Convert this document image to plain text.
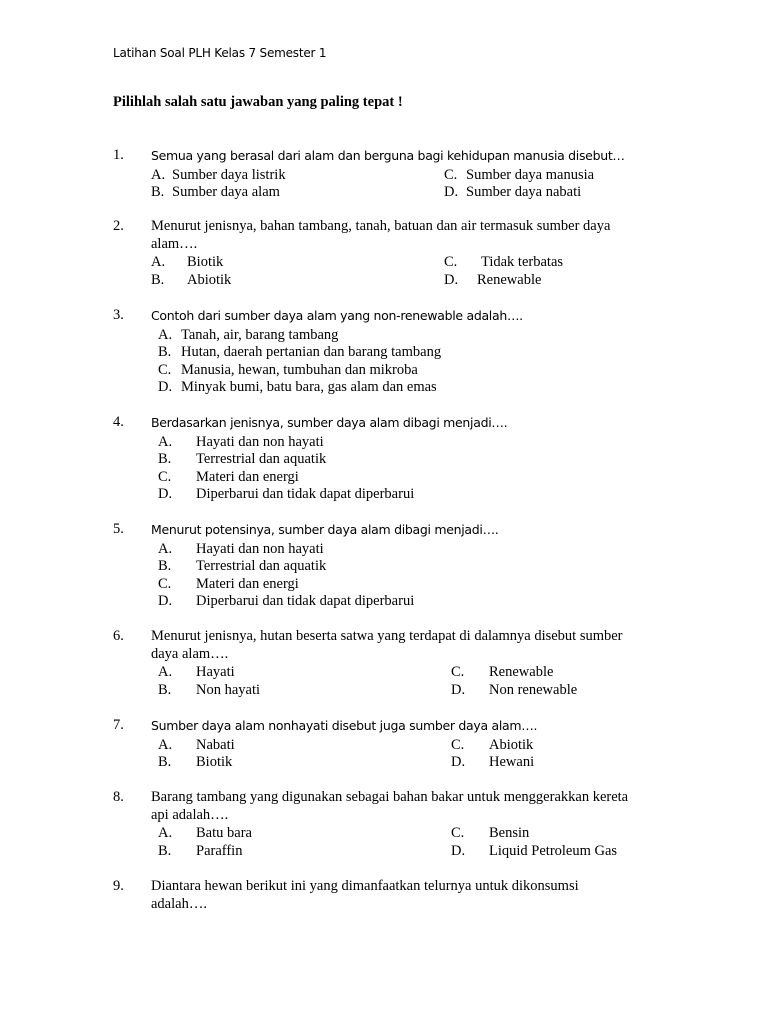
Latihan Soal PLH Kelas 7 Semester 1
Pilihlah salah satu jawaban yang paling tepat !
1. Semua yang berasal dari alam dan berguna bagi kehidupan manusia disebut…
A. Sumber daya listrik	C. Sumber daya manusia
B. Sumber daya alam	D. Sumber daya nabati
2. Menurut jenisnya, bahan tambang, tanah, batuan dan air termasuk sumber daya
alam….
A. Biotik	C. Tidak terbatas
B. Abiotik	D. Renewable
3. Contoh dari sumber daya alam yang non-renewable adalah….
A. Tanah, air, barang tambang
B. Hutan, daerah pertanian dan barang tambang
C. Manusia, hewan, tumbuhan dan mikroba
D. Minyak bumi, batu bara, gas alam dan emas
4. Berdasarkan jenisnya, sumber daya alam dibagi menjadi….
A. Hayati dan non hayati
B. Terrestrial dan aquatik
C. Materi dan energi
D. Diperbarui dan tidak dapat diperbarui
5. Menurut potensinya, sumber daya alam dibagi menjadi….
A. Hayati dan non hayati
B. Terrestrial dan aquatik
C. Materi dan energi
D. Diperbarui dan tidak dapat diperbarui
6. Menurut jenisnya, hutan beserta satwa yang terdapat di dalamnya disebut sumber
daya alam….
A. Hayati	C. Renewable
B. Non hayati	D. Non renewable
7. Sumber daya alam nonhayati disebut juga sumber daya alam….
A. Nabati	C. Abiotik
B. Biotik	D. Hewani
8. Barang tambang yang digunakan sebagai bahan bakar untuk menggerakkan kereta
api adalah….
A. Batu bara	C. Bensin
B. Paraffin	D. Liquid Petroleum Gas
9. Diantara hewan berikut ini yang dimanfaatkan telurnya untuk dikonsumsi
adalah….
